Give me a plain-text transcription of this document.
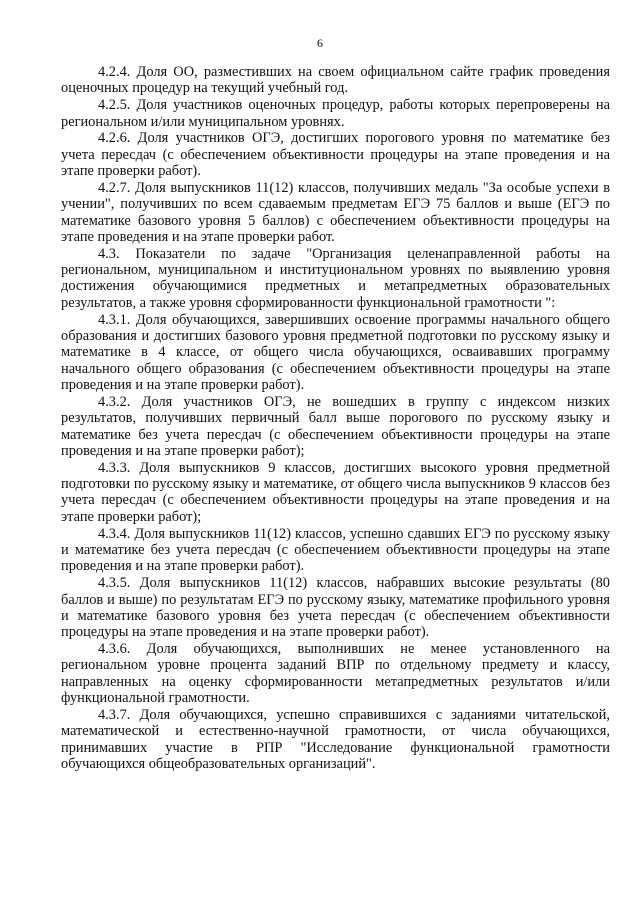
6

4.2.4. Доля ОО, разместивших на своем официальном сайте график проведения оценочных процедур на текущий учебный год.

4.2.5. Доля участников оценочных процедур, работы которых перепроверены на региональном и/или муниципальном уровнях.

4.2.6. Доля участников ОГЭ, достигших порогового уровня по математике без учета пересдач (с обеспечением объективности процедуры на этапе проведения и на этапе проверки работ).

4.2.7. Доля выпускников 11(12) классов, получивших медаль "За особые успехи в учении", получивших по всем сдаваемым предметам ЕГЭ 75 баллов и выше (ЕГЭ по математике базового уровня 5 баллов) с обеспечением объективности процедуры на этапе проведения и на этапе проверки работ.

4.3. Показатели по задаче "Организация целенаправленной работы на региональном, муниципальном и институциональном уровнях по выявлению уровня достижения обучающимися предметных и метапредметных образовательных результатов, а также уровня сформированности функциональной грамотности ":

4.3.1. Доля обучающихся, завершивших освоение программы начального общего образования и достигших базового уровня предметной подготовки по русскому языку и математике в 4 классе, от общего числа обучающихся, осваивавших программу начального общего образования (с обеспечением объективности процедуры на этапе проведения и на этапе проверки работ).

4.3.2. Доля участников ОГЭ, не вошедших в группу с индексом низких результатов, получивших первичный балл выше порогового по русскому языку и математике без учета пересдач (с обеспечением объективности процедуры на этапе проведения и на этапе проверки работ);

4.3.3. Доля выпускников 9 классов, достигших высокого уровня предметной подготовки по русскому языку и математике, от общего числа выпускников 9 классов без учета пересдач (с обеспечением объективности процедуры на этапе проведения и на этапе проверки работ);

4.3.4. Доля выпускников 11(12) классов, успешно сдавших ЕГЭ по русскому языку и математике без учета пересдач (с обеспечением объективности процедуры на этапе проведения и на этапе проверки работ).

4.3.5. Доля выпускников 11(12) классов, набравших высокие результаты (80 баллов и выше) по результатам ЕГЭ по русскому языку, математике профильного уровня и математике базового уровня без учета пересдач (с обеспечением объективности процедуры на этапе проведения и на этапе проверки работ).

4.3.6. Доля обучающихся, выполнивших не менее установленного на региональном уровне процента заданий ВПР по отдельному предмету и классу, направленных на оценку сформированности метапредметных результатов и/или функциональной грамотности.

4.3.7. Доля обучающихся, успешно справившихся с заданиями читательской, математической и естественно-научной грамотности, от числа обучающихся, принимавших участие в РПР "Исследование функциональной грамотности обучающихся общеобразовательных организаций".
